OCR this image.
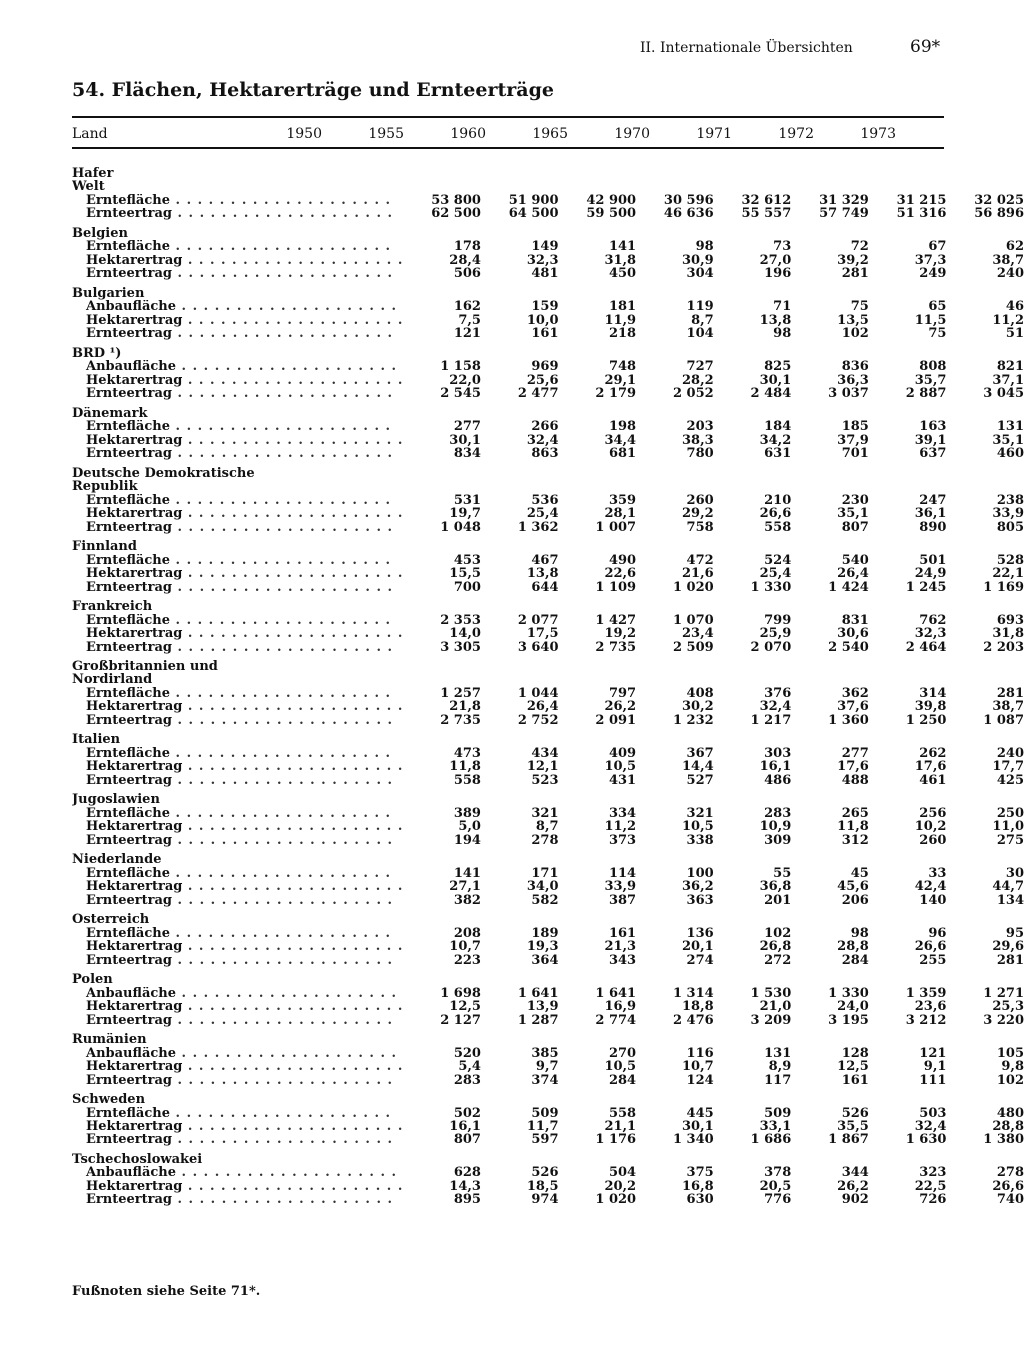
II. Internationale Übersichten	69*
54. Flächen, Hektarerträge und Ernteerträge
Land	1950	1955	1960	1965	1970	1971	1972	1973
Hafer								
Welt								
Erntefläche . . . . . . . . . . . . . . . . . . . .	53 800	51 900	42 900	30 596	32 612	31 329	31 215	32 025
Ernteertrag . . . . . . . . . . . . . . . . . . . .	62 500	64 500	59 500	46 636	55 557	57 749	51 316	56 896

Belgien								
Erntefläche . . . . . . . . . . . . . . . . . . . .	178	149	141	98	73	72	67	62
Hektarertrag . . . . . . . . . . . . . . . . . . . .	28,4	32,3	31,8	30,9	27,0	39,2	37,3	38,7
Ernteertrag . . . . . . . . . . . . . . . . . . . .	506	481	450	304	196	281	249	240

Bulgarien								
Anbaufläche . . . . . . . . . . . . . . . . . . . .	162	159	181	119	71	75	65	46
Hektarertrag . . . . . . . . . . . . . . . . . . . .	7,5	10,0	11,9	8,7	13,8	13,5	11,5	11,2
Ernteertrag . . . . . . . . . . . . . . . . . . . .	121	161	218	104	98	102	75	51

BRD ¹)								
Anbaufläche . . . . . . . . . . . . . . . . . . . .	1 158	969	748	727	825	836	808	821
Hektarertrag . . . . . . . . . . . . . . . . . . . .	22,0	25,6	29,1	28,2	30,1	36,3	35,7	37,1
Ernteertrag . . . . . . . . . . . . . . . . . . . .	2 545	2 477	2 179	2 052	2 484	3 037	2 887	3 045

Dänemark								
Erntefläche . . . . . . . . . . . . . . . . . . . .	277	266	198	203	184	185	163	131
Hektarertrag . . . . . . . . . . . . . . . . . . . .	30,1	32,4	34,4	38,3	34,2	37,9	39,1	35,1
Ernteertrag . . . . . . . . . . . . . . . . . . . .	834	863	681	780	631	701	637	460

Deutsche Demokratische								
Republik								
Erntefläche . . . . . . . . . . . . . . . . . . . .	531	536	359	260	210	230	247	238
Hektarertrag . . . . . . . . . . . . . . . . . . . .	19,7	25,4	28,1	29,2	26,6	35,1	36,1	33,9
Ernteertrag . . . . . . . . . . . . . . . . . . . .	1 048	1 362	1 007	758	558	807	890	805

Finnland								
Erntefläche . . . . . . . . . . . . . . . . . . . .	453	467	490	472	524	540	501	528
Hektarertrag . . . . . . . . . . . . . . . . . . . .	15,5	13,8	22,6	21,6	25,4	26,4	24,9	22,1
Ernteertrag . . . . . . . . . . . . . . . . . . . .	700	644	1 109	1 020	1 330	1 424	1 245	1 169

Frankreich								
Erntefläche . . . . . . . . . . . . . . . . . . . .	2 353	2 077	1 427	1 070	799	831	762	693
Hektarertrag . . . . . . . . . . . . . . . . . . . .	14,0	17,5	19,2	23,4	25,9	30,6	32,3	31,8
Ernteertrag . . . . . . . . . . . . . . . . . . . .	3 305	3 640	2 735	2 509	2 070	2 540	2 464	2 203

Großbritannien und								
Nordirland								
Erntefläche . . . . . . . . . . . . . . . . . . . .	1 257	1 044	797	408	376	362	314	281
Hektarertrag . . . . . . . . . . . . . . . . . . . .	21,8	26,4	26,2	30,2	32,4	37,6	39,8	38,7
Ernteertrag . . . . . . . . . . . . . . . . . . . .	2 735	2 752	2 091	1 232	1 217	1 360	1 250	1 087

Italien								
Erntefläche . . . . . . . . . . . . . . . . . . . .	473	434	409	367	303	277	262	240
Hektarertrag . . . . . . . . . . . . . . . . . . . .	11,8	12,1	10,5	14,4	16,1	17,6	17,6	17,7
Ernteertrag . . . . . . . . . . . . . . . . . . . .	558	523	431	527	486	488	461	425

Jugoslawien								
Erntefläche . . . . . . . . . . . . . . . . . . . .	389	321	334	321	283	265	256	250
Hektarertrag . . . . . . . . . . . . . . . . . . . .	5,0	8,7	11,2	10,5	10,9	11,8	10,2	11,0
Ernteertrag . . . . . . . . . . . . . . . . . . . .	194	278	373	338	309	312	260	275

Niederlande								
Erntefläche . . . . . . . . . . . . . . . . . . . .	141	171	114	100	55	45	33	30
Hektarertrag . . . . . . . . . . . . . . . . . . . .	27,1	34,0	33,9	36,2	36,8	45,6	42,4	44,7
Ernteertrag . . . . . . . . . . . . . . . . . . . .	382	582	387	363	201	206	140	134

Österreich								
Erntefläche . . . . . . . . . . . . . . . . . . . .	208	189	161	136	102	98	96	95
Hektarertrag . . . . . . . . . . . . . . . . . . . .	10,7	19,3	21,3	20,1	26,8	28,8	26,6	29,6
Ernteertrag . . . . . . . . . . . . . . . . . . . .	223	364	343	274	272	284	255	281

Polen								
Anbaufläche . . . . . . . . . . . . . . . . . . . .	1 698	1 641	1 641	1 314	1 530	1 330	1 359	1 271
Hektarertrag . . . . . . . . . . . . . . . . . . . .	12,5	13,9	16,9	18,8	21,0	24,0	23,6	25,3
Ernteertrag . . . . . . . . . . . . . . . . . . . .	2 127	1 287	2 774	2 476	3 209	3 195	3 212	3 220

Rumänien								
Anbaufläche . . . . . . . . . . . . . . . . . . . .	520	385	270	116	131	128	121	105
Hektarertrag . . . . . . . . . . . . . . . . . . . .	5,4	9,7	10,5	10,7	8,9	12,5	9,1	9,8
Ernteertrag . . . . . . . . . . . . . . . . . . . .	283	374	284	124	117	161	111	102

Schweden								
Erntefläche . . . . . . . . . . . . . . . . . . . .	502	509	558	445	509	526	503	480
Hektarertrag . . . . . . . . . . . . . . . . . . . .	16,1	11,7	21,1	30,1	33,1	35,5	32,4	28,8
Ernteertrag . . . . . . . . . . . . . . . . . . . .	807	597	1 176	1 340	1 686	1 867	1 630	1 380

Tschechoslowakei								
Anbaufläche . . . . . . . . . . . . . . . . . . . .	628	526	504	375	378	344	323	278
Hektarertrag . . . . . . . . . . . . . . . . . . . .	14,3	18,5	20,2	16,8	20,5	26,2	22,5	26,6
Ernteertrag . . . . . . . . . . . . . . . . . . . .	895	974	1 020	630	776	902	726	740
Fußnoten siehe Seite 71*.
